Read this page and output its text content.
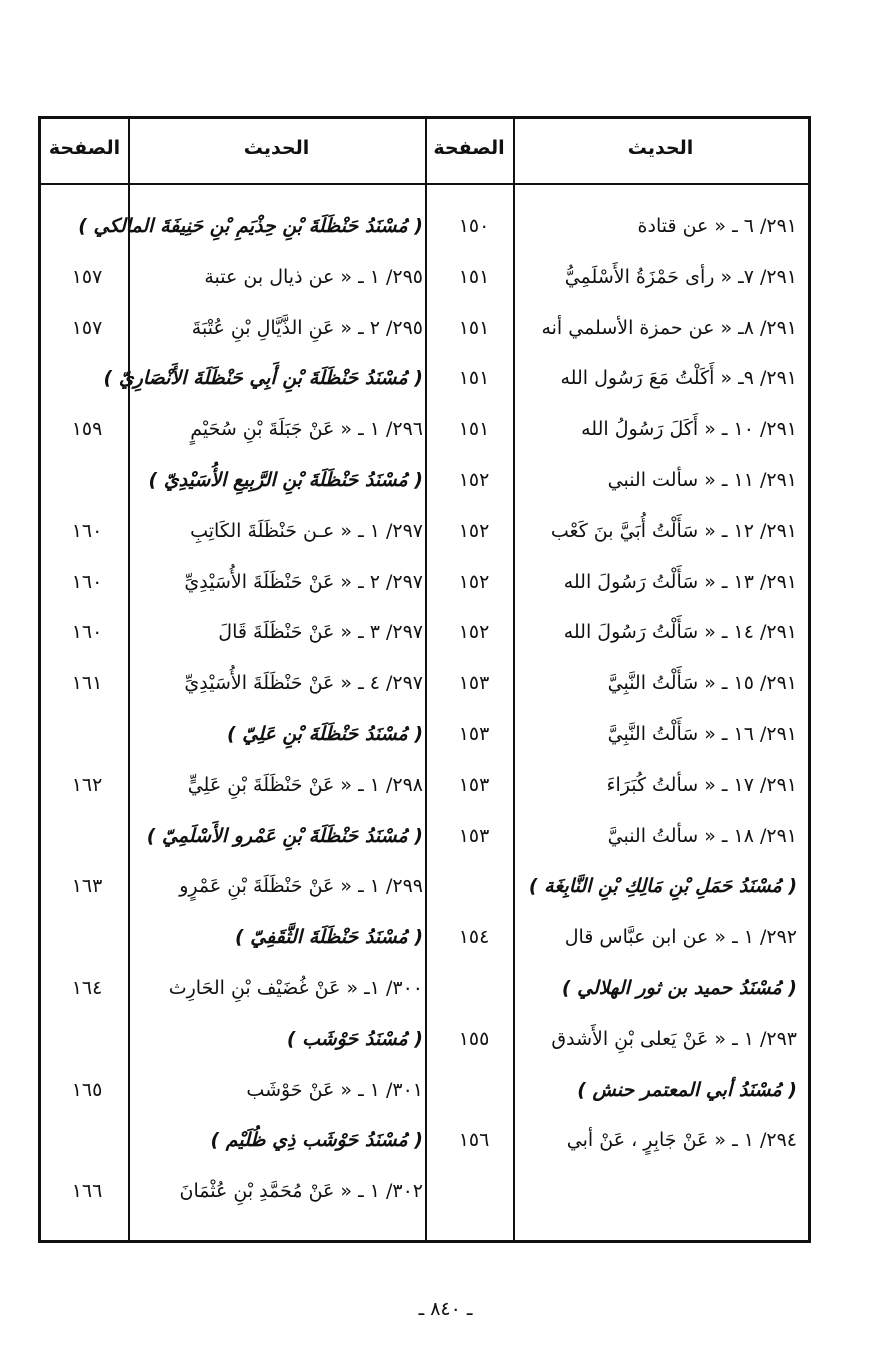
الحديث
الصفحة
الحديث
الصفحة
٢٩١/ ٦ ـ « عن قتادة
١٥٠
( مُسْنَدُ حَنْظَلَةَ بْنِ حِذْيَمِ بْنِ حَنِيفَةَ المالكي )
٢٩١/ ٧ـ « رأى حَمْزَةُ الأَسْلَمِيُّ
١٥١
٢٩٥/ ١ ـ « عن ذيال بن عتبة
١٥٧
٢٩١/ ٨ـ « عن حمزة الأسلمي أنه
١٥١
٢٩٥/ ٢ ـ « عَنِ الذَّيَّالِ بْنِ عُتْبَةَ
١٥٧
٢٩١/ ٩ـ « أَكَلْتُ مَعَ رَسُول الله
١٥١
( مُسْنَدُ حَنْظَلَةَ بْنِ أَبِي حَنْظَلَةَ الأَنْصَارِيّ )
٢٩١/ ١٠ ـ « أَكَلَ رَسُولُ الله
١٥١
٢٩٦/ ١ ـ « عَنْ جَبَلَةَ بْنِ سُحَيْمٍ
١٥٩
٢٩١/ ١١ ـ « سألت النبي
١٥٢
( مُسْنَدُ حَنْظَلَةَ بْنِ الرَّبِيعِ الأُسَيْدِيّ )
٢٩١/ ١٢ ـ « سَأَلْتُ أُبَيَّ بنَ كَعْب
١٥٢
٢٩٧/ ١ ـ « عـن حَنْظَلَةَ الكَاتِبِ
١٦٠
٢٩١/ ١٣ ـ « سَأَلْتُ رَسُولَ الله
١٥٢
٢٩٧/ ٢ ـ « عَنْ حَنْظَلَةَ الأُسَيْدِيِّ
١٦٠
٢٩١/ ١٤ ـ « سَأَلْتُ رَسُولَ الله
١٥٢
٢٩٧/ ٣ ـ « عَنْ حَنْظَلَةَ قَالَ
١٦٠
٢٩١/ ١٥ ـ « سَأَلْتُ النَّبِيَّ
١٥٣
٢٩٧/ ٤ ـ « عَنْ حَنْظَلَةَ الأُسَيْدِيِّ
١٦١
٢٩١/ ١٦ ـ « سَأَلْتُ النَّبِيَّ
١٥٣
( مُسْنَدُ حَنْظَلَةَ بْنِ عَلِيّ )
٢٩١/ ١٧ ـ « سألتُ كُبَرَاءَ
١٥٣
٢٩٨/ ١ ـ « عَنْ حَنْظَلَةَ بْنِ عَلِيٍّ
١٦٢
٢٩١/ ١٨ ـ « سألتُ النبيَّ
١٥٣
( مُسْنَدُ حَنْظَلَةَ بْنِ عَمْرو الأَسْلَمِيّ )
( مُسْنَدُ حَمَلِ بْنِ مَالِكِ بْنِ النَّابِغَة )
٢٩٩/ ١ ـ « عَنْ حَنْظَلَةَ بْنِ عَمْرٍو
١٦٣
٢٩٢/ ١ ـ « عن ابن عبَّاس قال
١٥٤
( مُسْنَدُ حَنْظَلَةَ الثَّقَفِيّ )
( مُسْنَدُ حميد بن ثور الهلالي )
٣٠٠/ ١ـ « عَنْ غُضَيْف بْنِ الحَارِث
١٦٤
٢٩٣/ ١ ـ « عَنْ يَعلى بْنِ الأَشدق
١٥٥
( مُسْنَدُ حَوْشَب )
( مُسْنَدُ أبي المعتمر حنش )
٣٠١/ ١ ـ « عَنْ حَوْشَب
١٦٥
٢٩٤/ ١ ـ « عَنْ جَابِرٍ ، عَنْ أبي
١٥٦
( مُسْنَدُ حَوْشَب ذِي ظُلَيْم )
٣٠٢/ ١ ـ « عَنْ مُحَمَّدِ بْنِ عُثْمَانَ
١٦٦
ـ ٨٤٠ ـ
